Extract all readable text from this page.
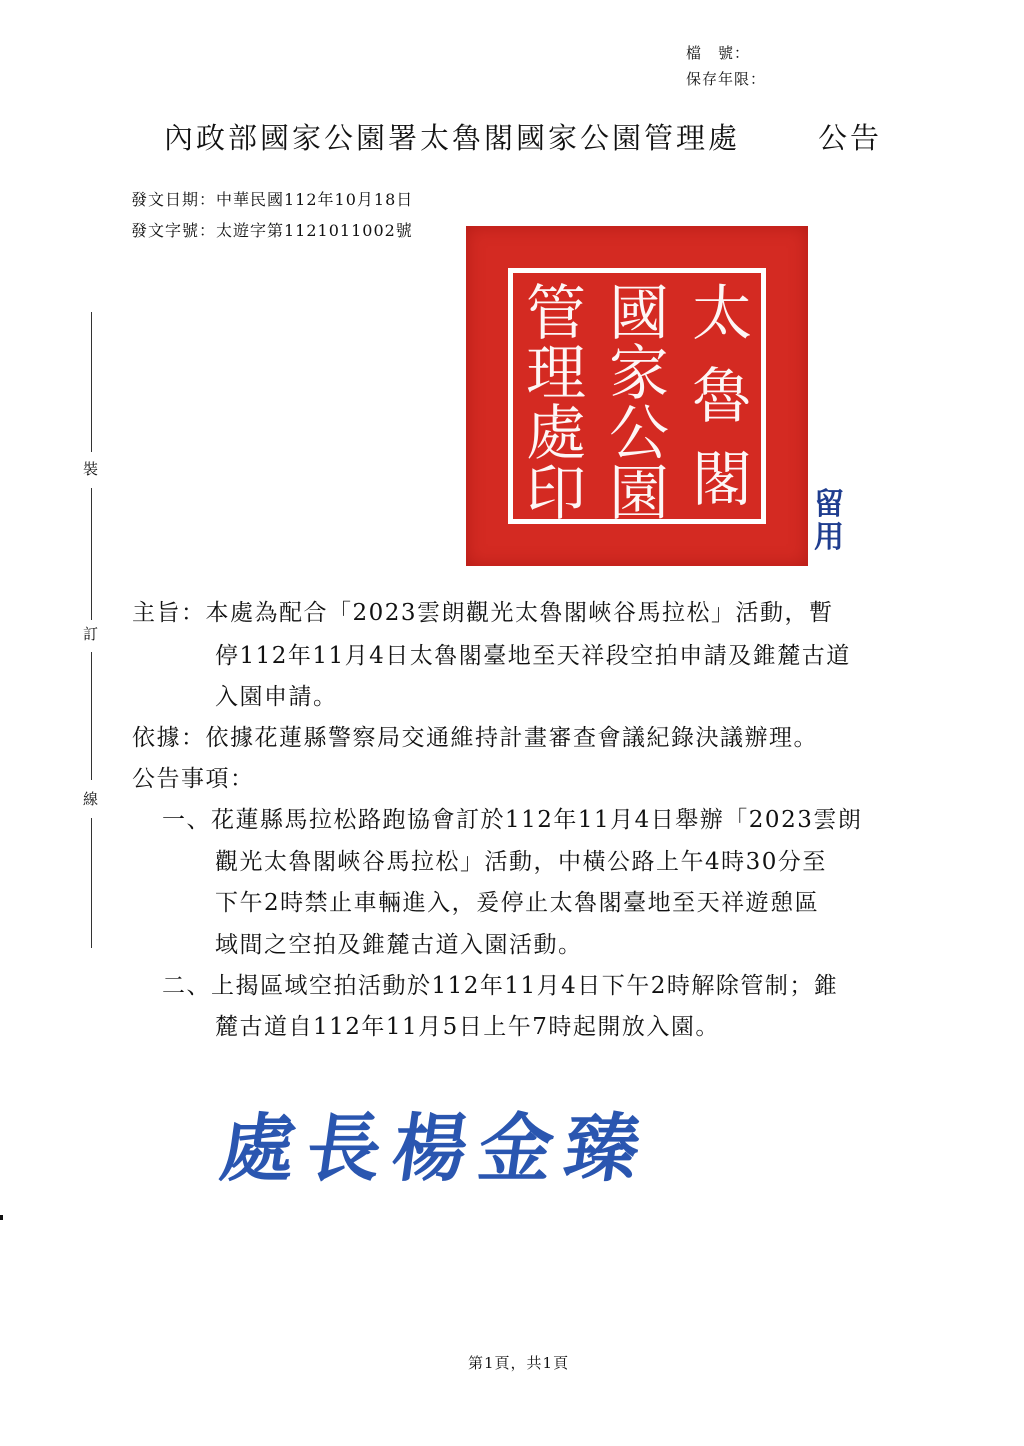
檔　號：
保存年限：
內政部國家公園署太魯閣國家公園管理處	公告
發文日期：中華民國112年10月18日
發文字號：太遊字第1121011002號
裝
訂
線
太
魯
閣
國
家
公
園
管
理
處
印	留
用
主旨：本處為配合「2023雲朗觀光太魯閣峽谷馬拉松」活動，暫
停112年11月4日太魯閣臺地至天祥段空拍申請及錐麓古道
入園申請。
依據：依據花蓮縣警察局交通維持計畫審查會議紀錄決議辦理。
公告事項：
一、花蓮縣馬拉松路跑協會訂於112年11月4日舉辦「2023雲朗
觀光太魯閣峽谷馬拉松」活動，中橫公路上午4時30分至
下午2時禁止車輛進入，爰停止太魯閣臺地至天祥遊憩區
域間之空拍及錐麓古道入園活動。
二、上揭區域空拍活動於112年11月4日下午2時解除管制；錐
麓古道自112年11月5日上午7時起開放入園。
處長楊金臻
第1頁，共1頁
